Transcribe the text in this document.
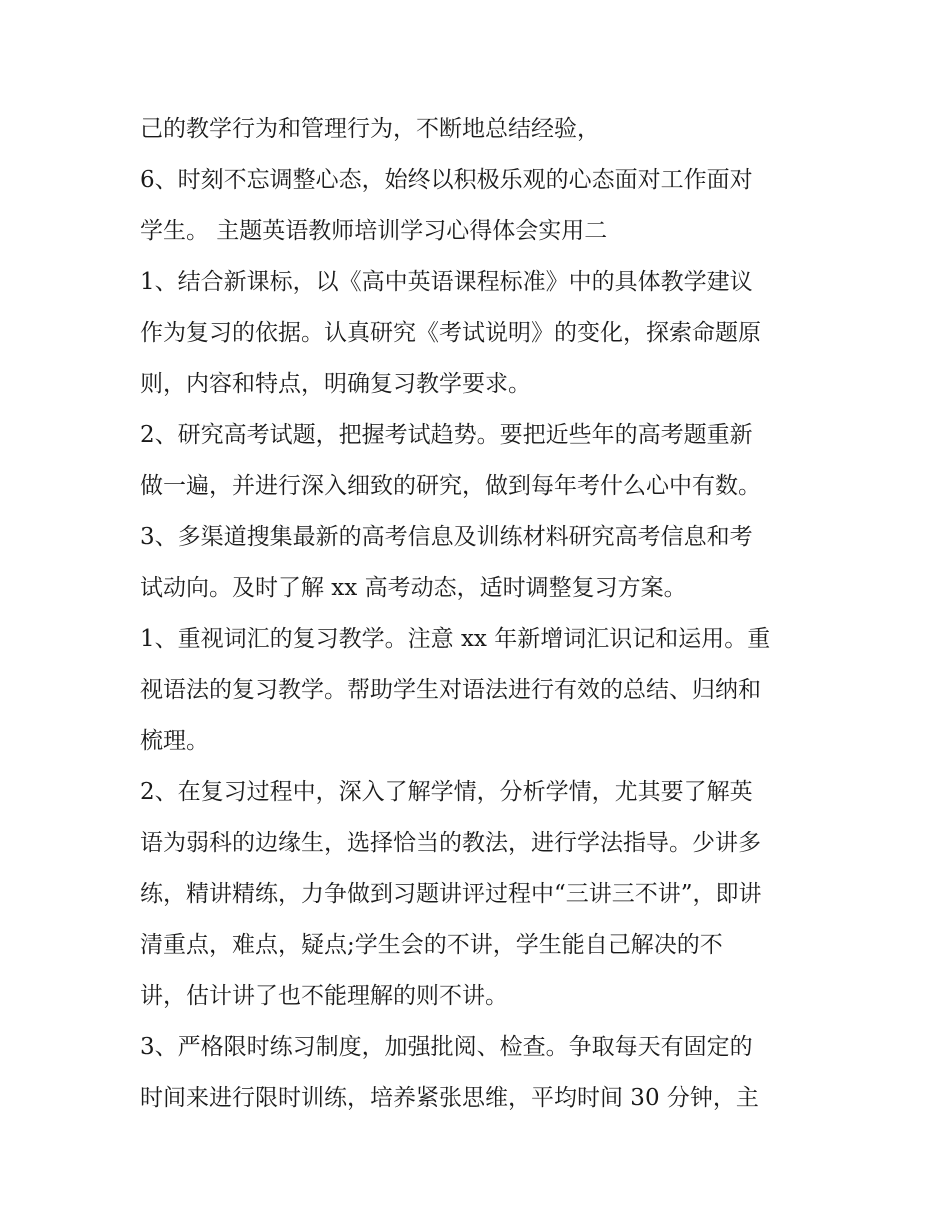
己的教学行为和管理行为，不断地总结经验，
6、时刻不忘调整心态，始终以积极乐观的心态面对工作面对
学生。 主题英语教师培训学习心得体会实用二
1、结合新课标，以《高中英语课程标准》中的具体教学建议
作为复习的依据。认真研究《考试说明》的变化，探索命题原
则，内容和特点，明确复习教学要求。
2、研究高考试题，把握考试趋势。要把近些年的高考题重新
做一遍，并进行深入细致的研究，做到每年考什么心中有数。
3、多渠道搜集最新的高考信息及训练材料研究高考信息和考
试动向。及时了解 xx 高考动态，适时调整复习方案。
1、重视词汇的复习教学。注意 xx 年新增词汇识记和运用。重
视语法的复习教学。帮助学生对语法进行有效的总结、归纳和
梳理。
2、在复习过程中，深入了解学情，分析学情，尤其要了解英
语为弱科的边缘生，选择恰当的教法，进行学法指导。少讲多
练，精讲精练，力争做到习题讲评过程中“三讲三不讲”，即讲
清重点，难点，疑点;学生会的不讲，学生能自己解决的不
讲，估计讲了也不能理解的则不讲。
3、严格限时练习制度，加强批阅、检查。争取每天有固定的
时间来进行限时训练，培养紧张思维，平均时间 30 分钟，主
